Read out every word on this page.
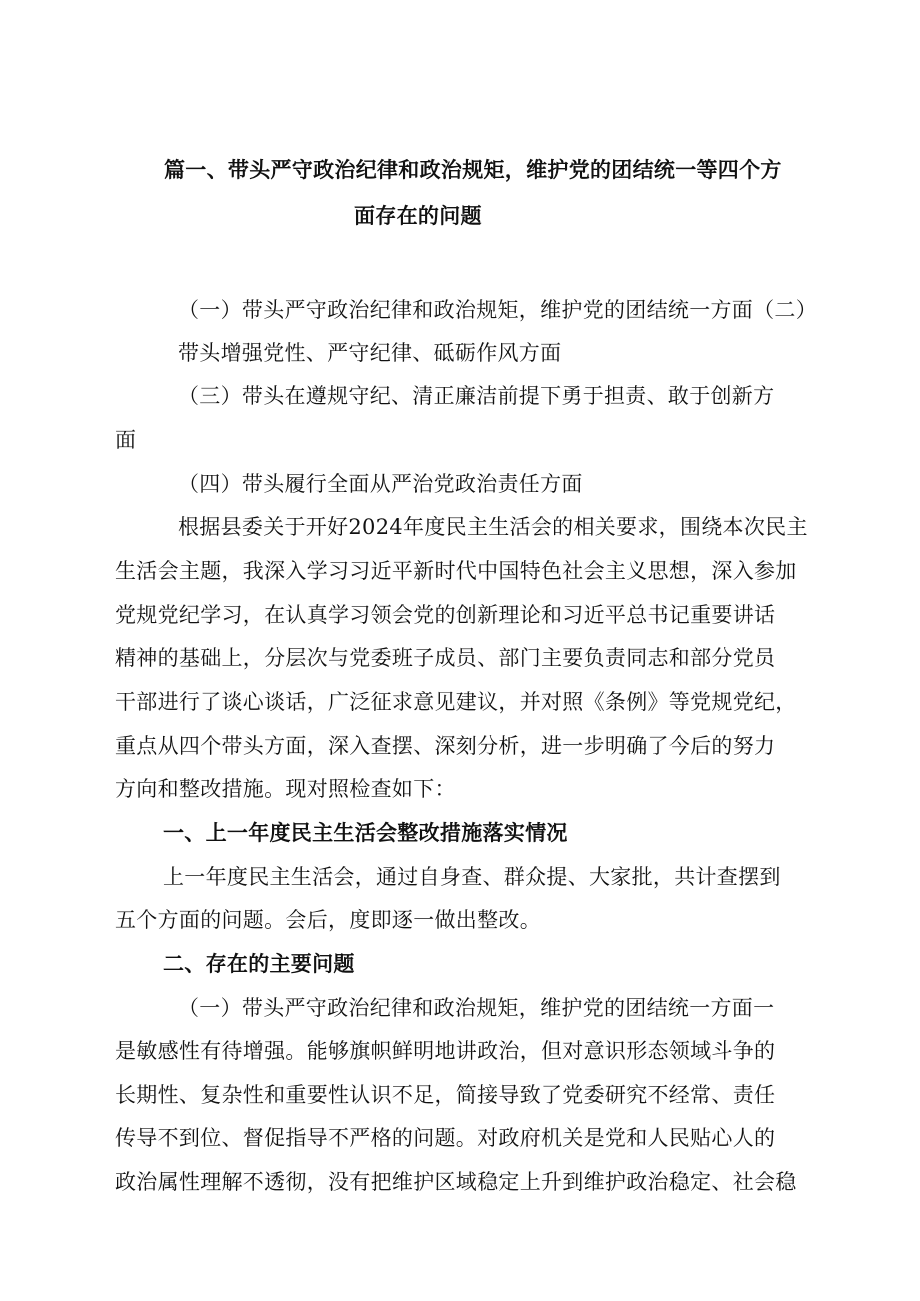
篇一、带头严守政治纪律和政治规矩，维护党的团结统一等四个方
面存在的问题
（一）带头严守政治纪律和政治规矩，维护党的团结统一方面（二）
带头增强党性、严守纪律、砥砺作风方面
（三）带头在遵规守纪、清正廉洁前提下勇于担责、敢于创新方
面
（四）带头履行全面从严治党政治责任方面
根据县委关于开好2024年度民主生活会的相关要求，围绕本次民主
生活会主题，我深入学习习近平新时代中国特色社会主义思想，深入参加
党规党纪学习，在认真学习领会党的创新理论和习近平总书记重要讲话
精神的基础上，分层次与党委班子成员、部门主要负责同志和部分党员
干部进行了谈心谈话，广泛征求意见建议，并对照《条例》等党规党纪，
重点从四个带头方面，深入查摆、深刻分析，进一步明确了今后的努力
方向和整改措施。现对照检查如下：
一、上一年度民主生活会整改措施落实情况
上一年度民主生活会，通过自身查、群众提、大家批，共计查摆到
五个方面的问题。会后，度即逐一做出整改。
二、存在的主要问题
（一）带头严守政治纪律和政治规矩，维护党的团结统一方面一
是敏感性有待增强。能够旗帜鲜明地讲政治，但对意识形态领域斗争的
长期性、复杂性和重要性认识不足，简接导致了党委研究不经常、责任
传导不到位、督促指导不严格的问题。对政府机关是党和人民贴心人的
政治属性理解不透彻，没有把维护区域稳定上升到维护政治稳定、社会稳
